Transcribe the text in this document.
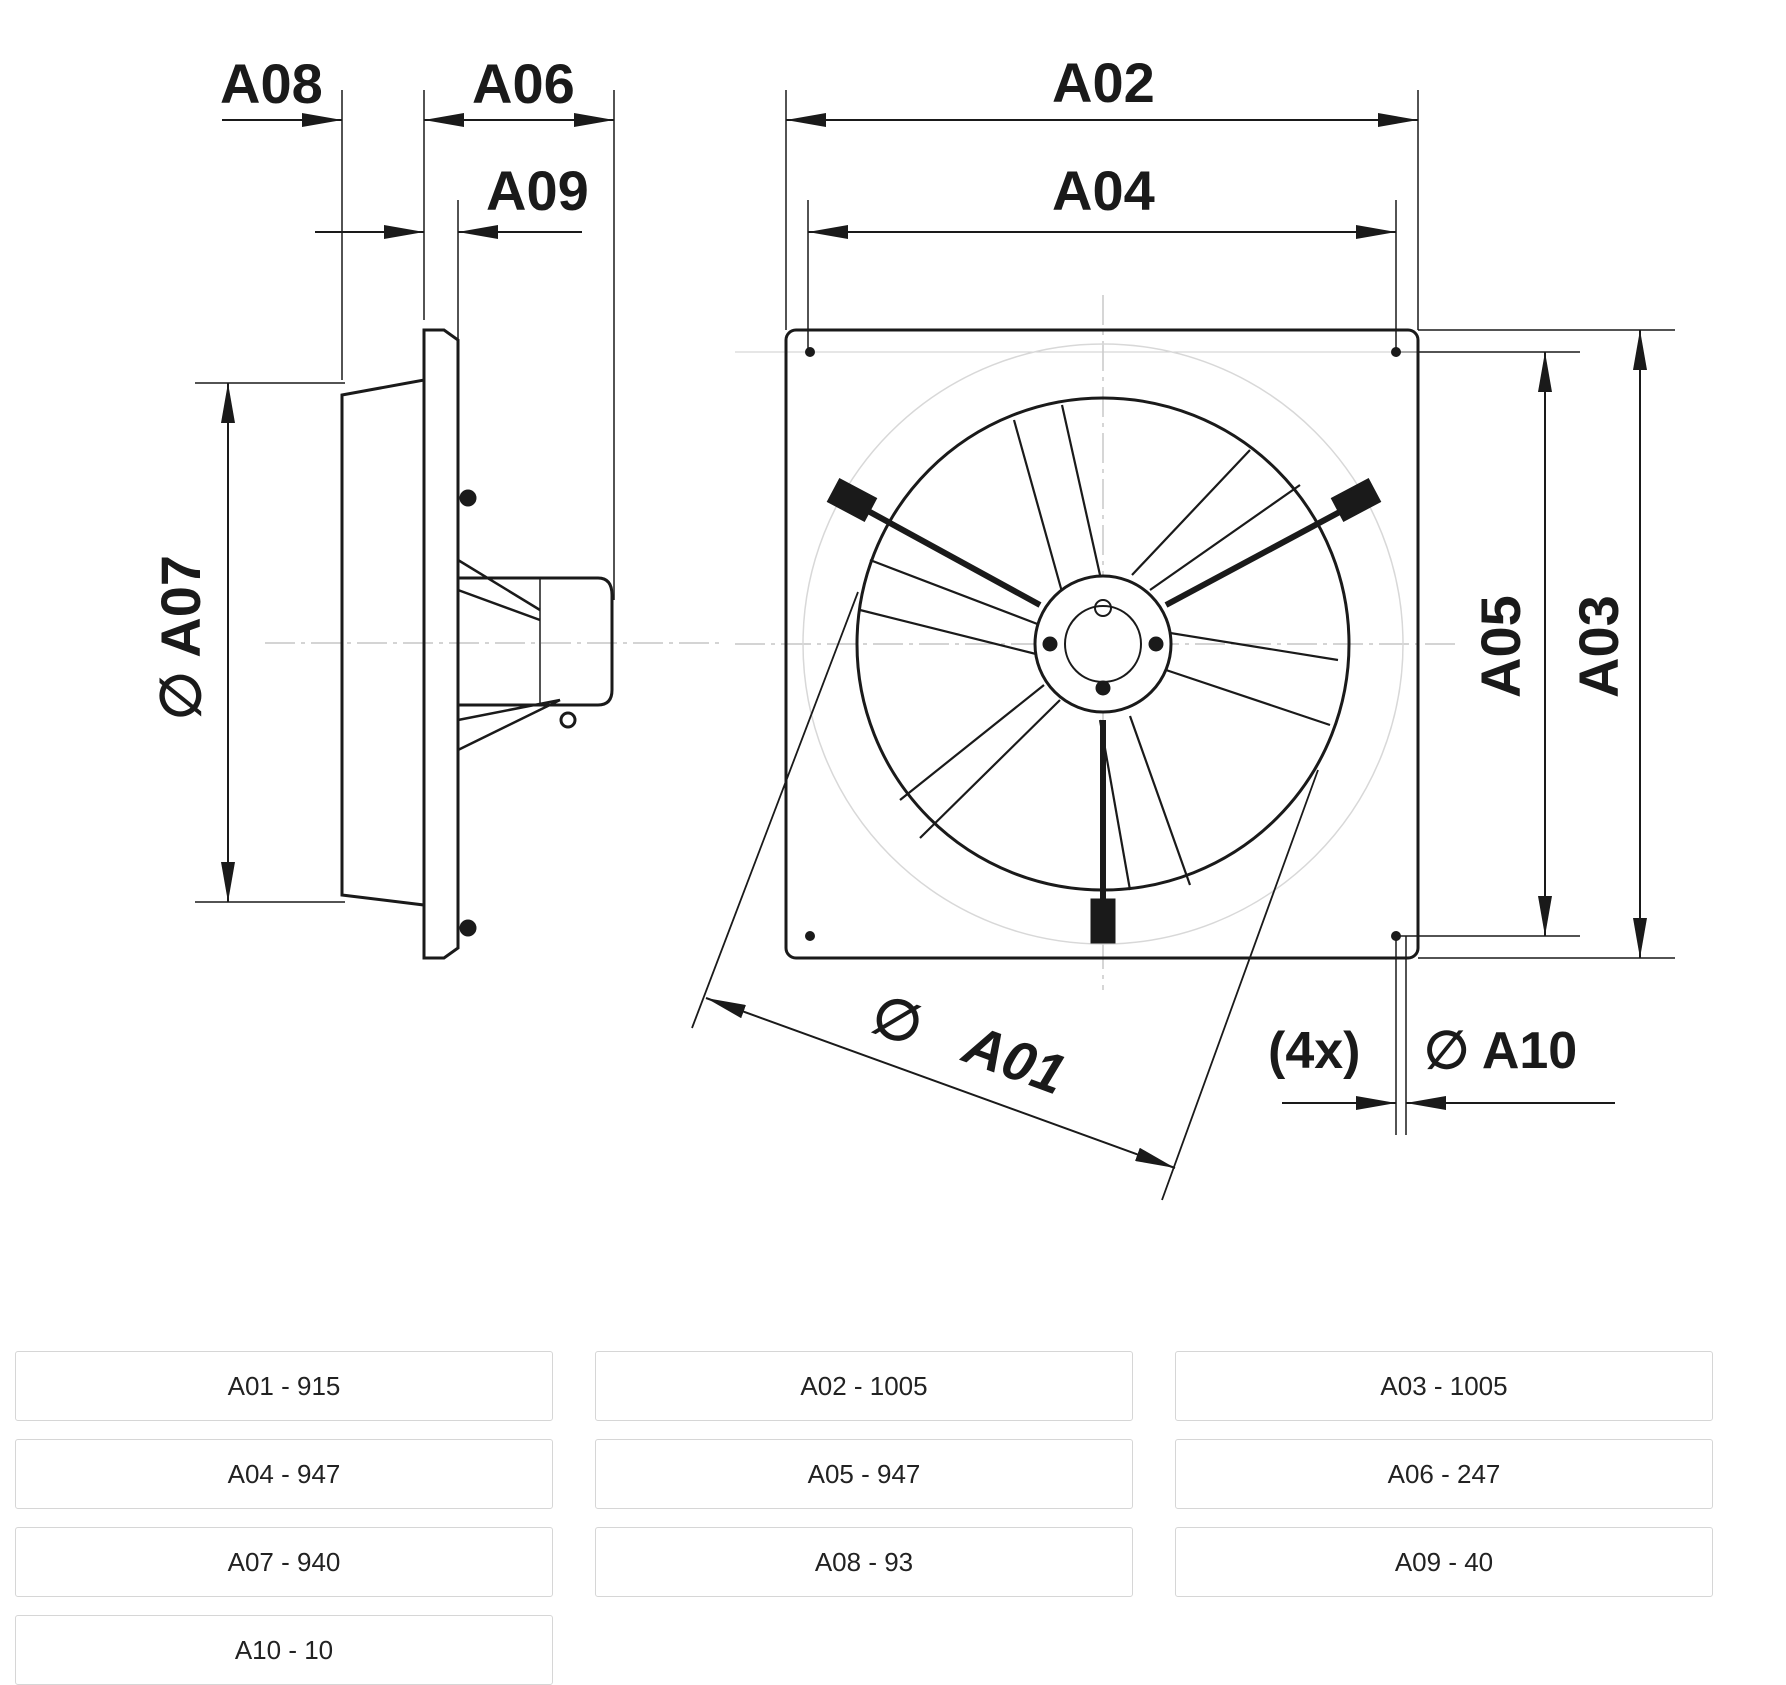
A08	A06
A09
∅ A07
A02
A04
A05 A03
∅ A01	(4x) ∅ A10
A01 - 915	A02 - 1005	A03 - 1005
A04 - 947	A05 - 947	A06 - 247
A07 - 940	A08 - 93	A09 - 40
A10 - 10
